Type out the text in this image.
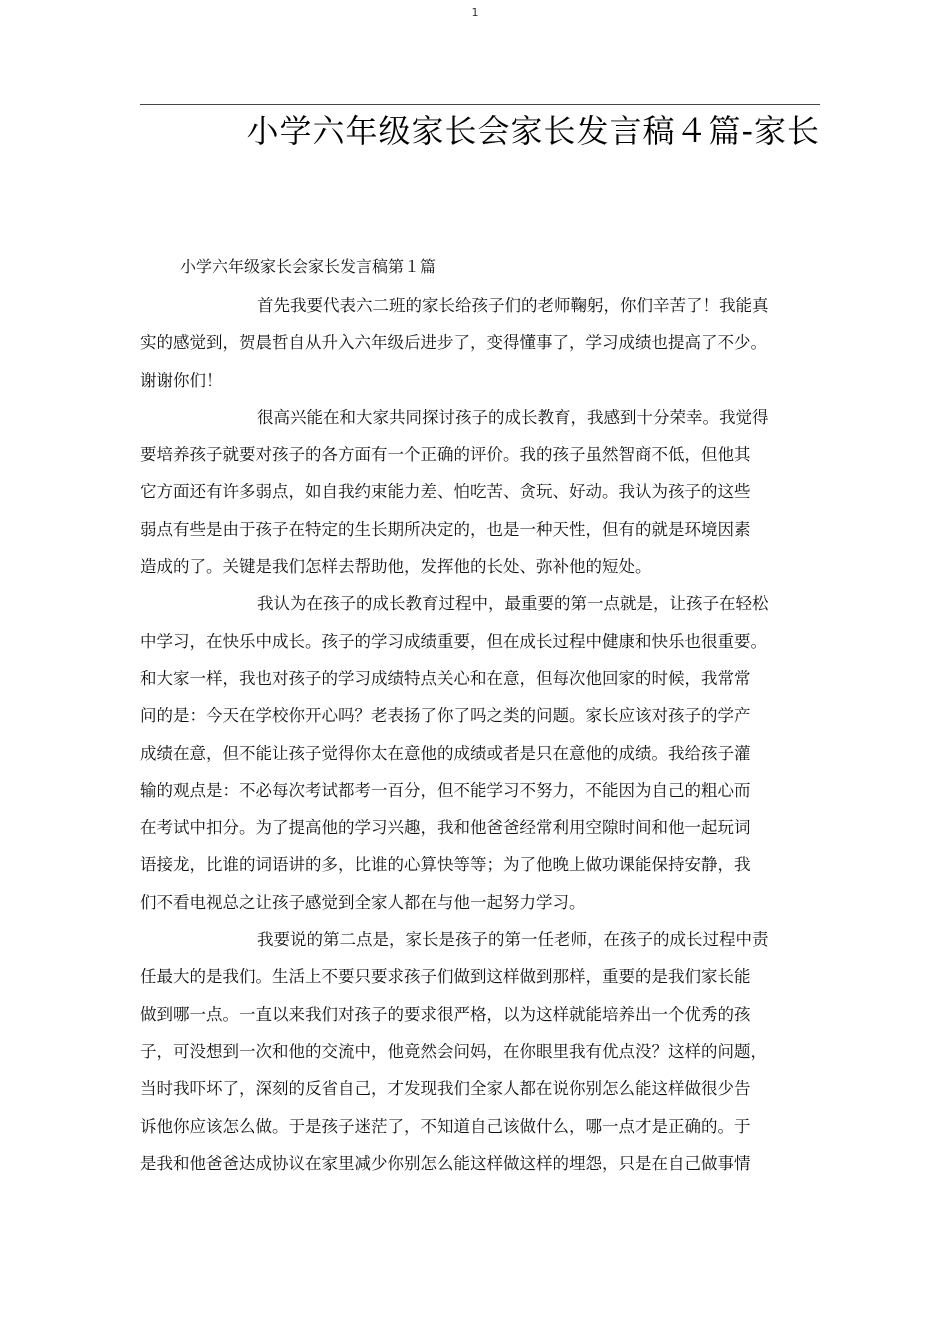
1
小学六年级家长会家长发言稿４篇-家长
小学六年级家长会家长发言稿第１篇
首先我要代表六二班的家长给孩子们的老师鞠躬，你们辛苦了！我能真
实的感觉到，贺晨哲自从升入六年级后进步了，变得懂事了，学习成绩也提高了不少。
谢谢你们！
很高兴能在和大家共同探讨孩子的成长教育，我感到十分荣幸。我觉得
要培养孩子就要对孩子的各方面有一个正确的评价。我的孩子虽然智商不低，但他其
它方面还有许多弱点，如自我约束能力差、怕吃苦、贪玩、好动。我认为孩子的这些
弱点有些是由于孩子在特定的生长期所决定的，也是一种天性，但有的就是环境因素
造成的了。关键是我们怎样去帮助他，发挥他的长处、弥补他的短处。
我认为在孩子的成长教育过程中，最重要的第一点就是，让孩子在轻松
中学习，在快乐中成长。孩子的学习成绩重要，但在成长过程中健康和快乐也很重要。
和大家一样，我也对孩子的学习成绩特点关心和在意，但每次他回家的时候，我常常
问的是：今天在学校你开心吗？老表扬了你了吗之类的问题。家长应该对孩子的学产
成绩在意，但不能让孩子觉得你太在意他的成绩或者是只在意他的成绩。我给孩子灌
输的观点是：不必每次考试都考一百分，但不能学习不努力，不能因为自己的粗心而
在考试中扣分。为了提高他的学习兴趣，我和他爸爸经常利用空隙时间和他一起玩词
语接龙，比谁的词语讲的多，比谁的心算快等等；为了他晚上做功课能保持安静，我
们不看电视总之让孩子感觉到全家人都在与他一起努力学习。
我要说的第二点是，家长是孩子的第一任老师，在孩子的成长过程中责
任最大的是我们。生活上不要只要求孩子们做到这样做到那样，重要的是我们家长能
做到哪一点。一直以来我们对孩子的要求很严格，以为这样就能培养出一个优秀的孩
子，可没想到一次和他的交流中，他竟然会问妈，在你眼里我有优点没？这样的问题，
当时我吓坏了，深刻的反省自己，才发现我们全家人都在说你别怎么能这样做很少告
诉他你应该怎么做。于是孩子迷茫了，不知道自己该做什么，哪一点才是正确的。于
是我和他爸爸达成协议在家里减少你别怎么能这样做这样的埋怨，只是在自己做事情
